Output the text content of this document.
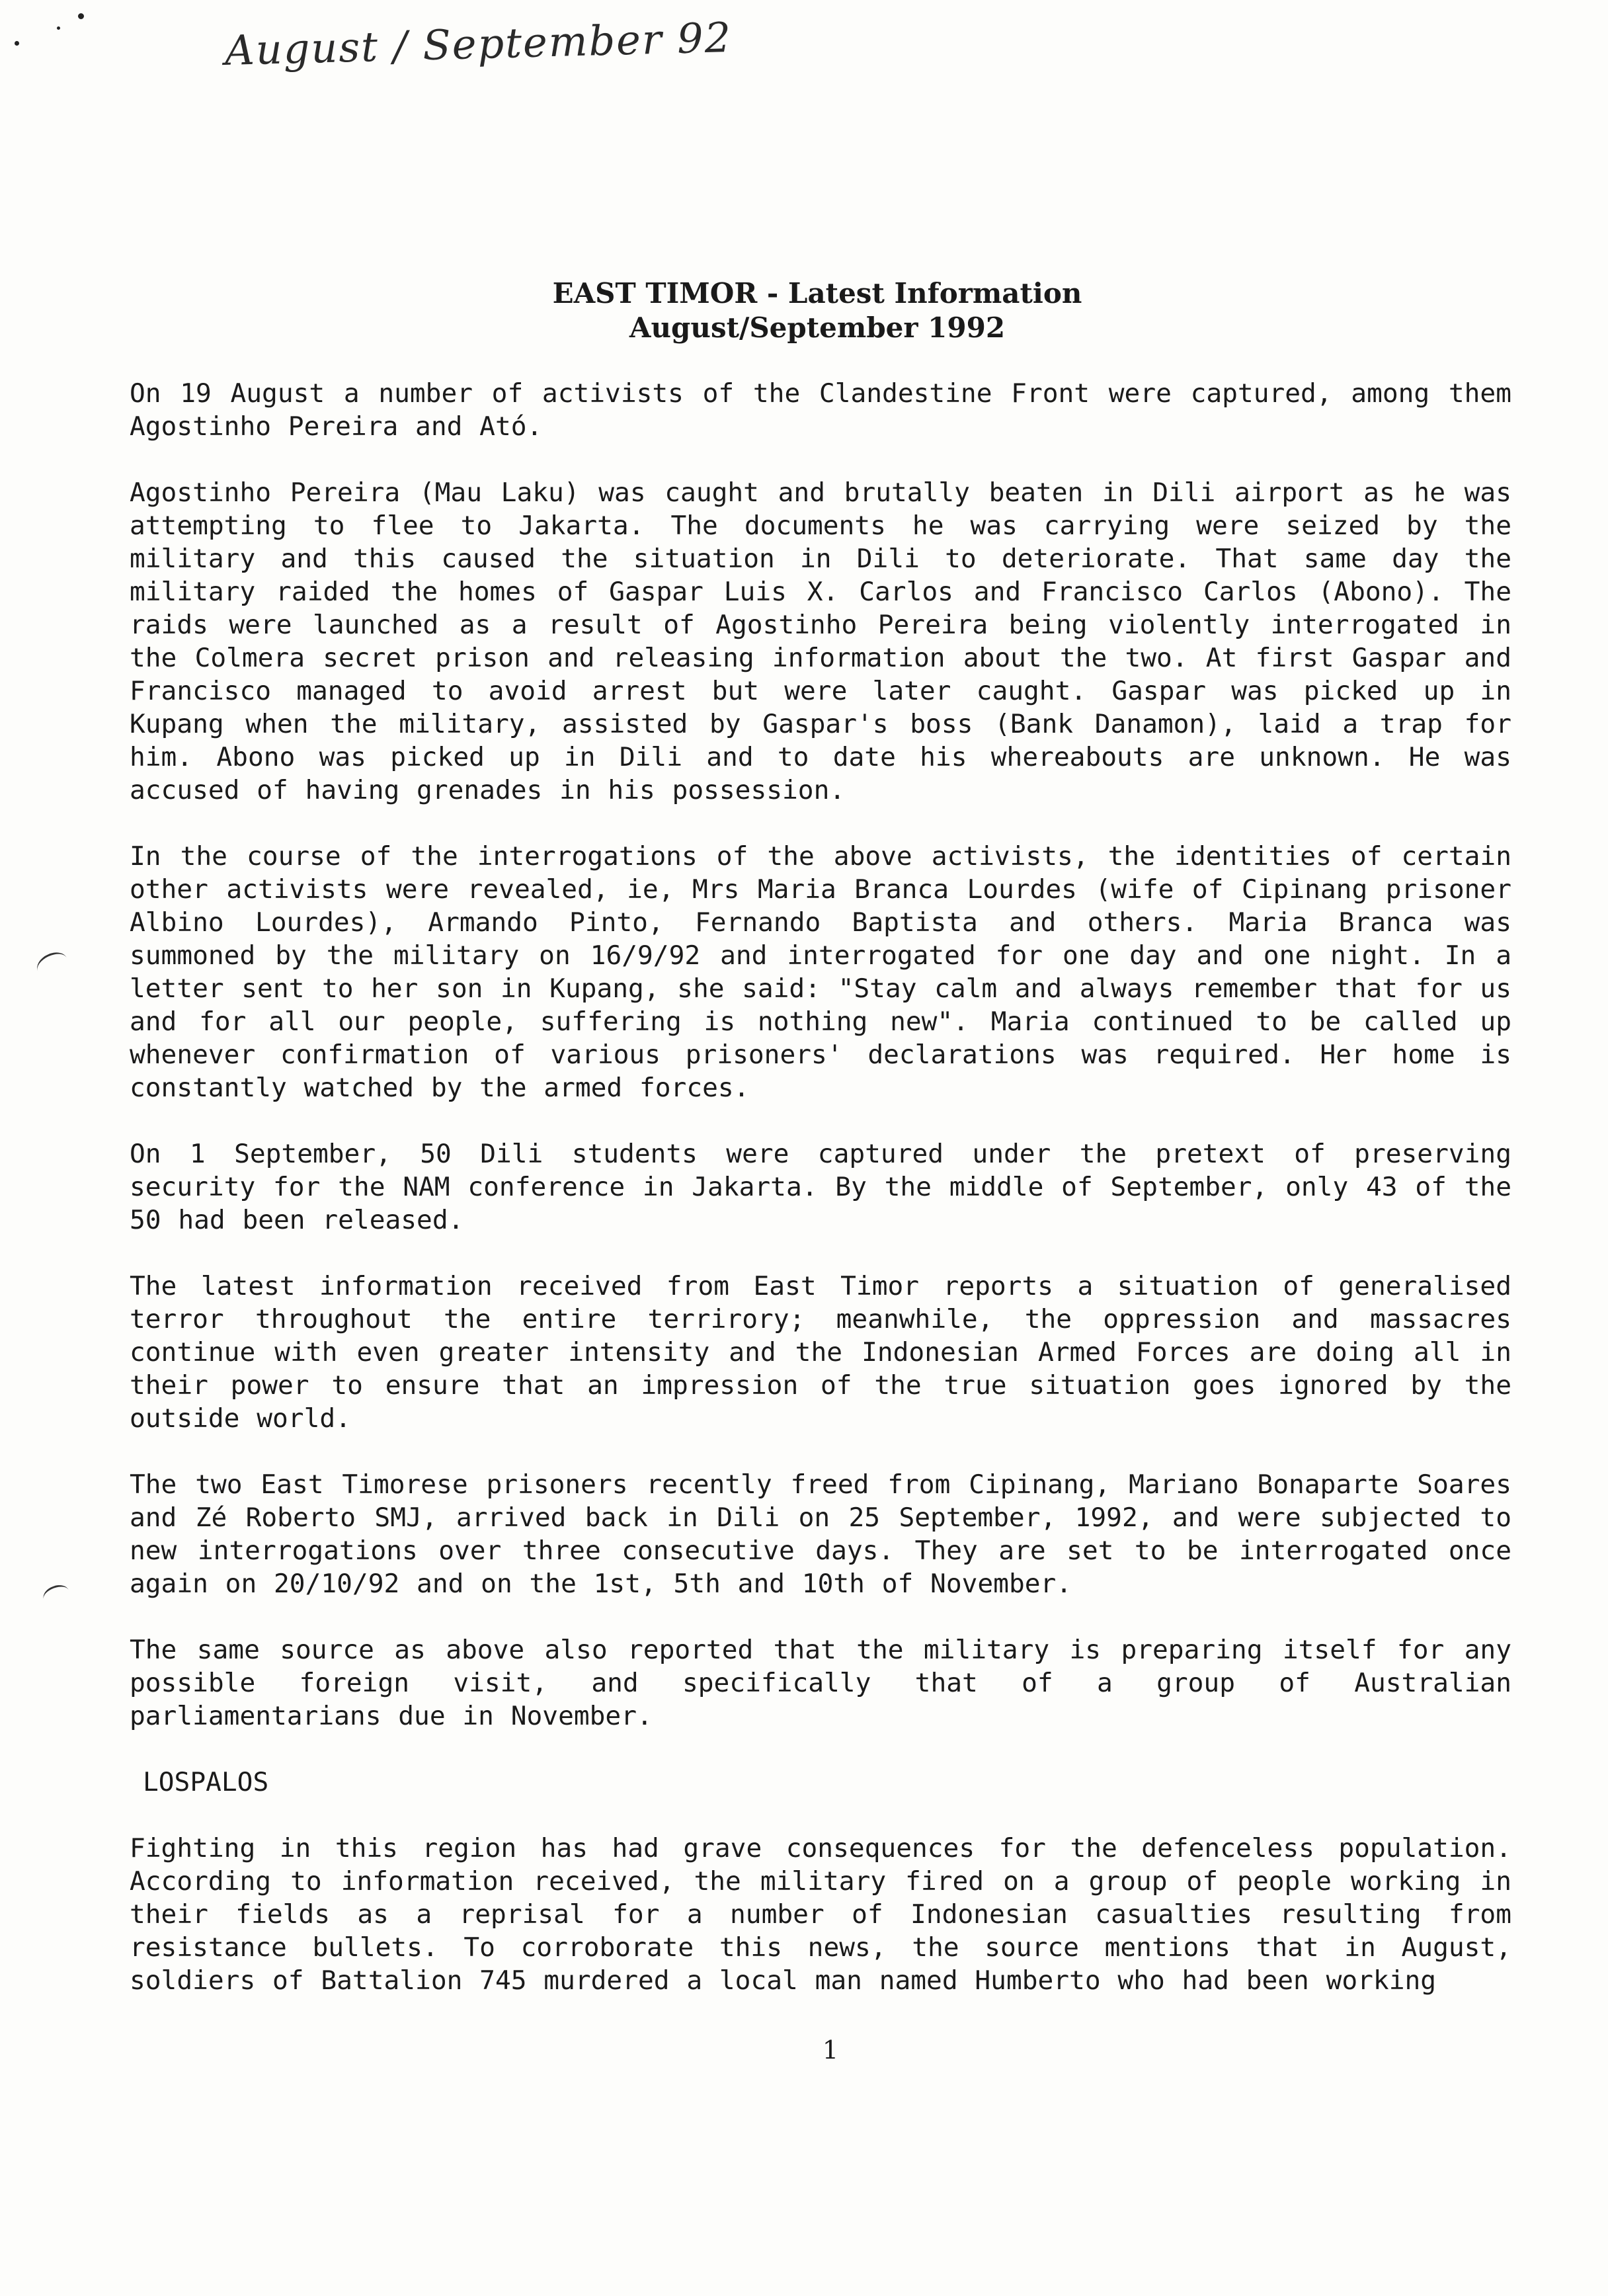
August / September 92
EAST TIMOR - Latest Information
August/September 1992

On 19 August a number of activists of the Clandestine Front were captured, among them Agostinho Pereira and Ató.

Agostinho Pereira (Mau Laku) was caught and brutally beaten in Dili airport as he was attempting to flee to Jakarta. The documents he was carrying were seized by the military and this caused the situation in Dili to deteriorate. That same day the military raided the homes of Gaspar Luis X. Carlos and Francisco Carlos (Abono). The raids were launched as a result of Agostinho Pereira being violently interrogated in the Colmera secret prison and releasing information about the two. At first Gaspar and Francisco managed to avoid arrest but were later caught. Gaspar was picked up in Kupang when the military, assisted by Gaspar's boss (Bank Danamon), laid a trap for him. Abono was picked up in Dili and to date his whereabouts are unknown. He was accused of having grenades in his possession.

In the course of the interrogations of the above activists, the identities of certain other activists were revealed, ie, Mrs Maria Branca Lourdes (wife of Cipinang prisoner Albino Lourdes), Armando Pinto, Fernando Baptista and others. Maria Branca was summoned by the military on 16/9/92 and interrogated for one day and one night. In a letter sent to her son in Kupang, she said: "Stay calm and always remember that for us and for all our people, suffering is nothing new". Maria continued to be called up whenever confirmation of various prisoners' declarations was required. Her home is constantly watched by the armed forces.

On 1 September, 50 Dili students were captured under the pretext of preserving security for the NAM conference in Jakarta. By the middle of September, only 43 of the 50 had been released.

The latest information received from East Timor reports a situation of generalised terror throughout the entire terrirory; meanwhile, the oppression and massacres continue with even greater intensity and the Indonesian Armed Forces are doing all in their power to ensure that an impression of the true situation goes ignored by the outside world.

The two East Timorese prisoners recently freed from Cipinang, Mariano Bonaparte Soares and Zé Roberto SMJ, arrived back in Dili on 25 September, 1992, and were subjected to new interrogations over three consecutive days. They are set to be interrogated once again on 20/10/92 and on the 1st, 5th and 10th of November.

The same source as above also reported that the military is preparing itself for any possible foreign visit, and specifically that of a group of Australian parliamentarians due in November.

LOSPALOS

Fighting in this region has had grave consequences for the defenceless population. According to information received, the military fired on a group of people working in their fields as a reprisal for a number of Indonesian casualties resulting from resistance bullets. To corroborate this news, the source mentions that in August, soldiers of Battalion 745 murdered a local man named Humberto who had been working

1
